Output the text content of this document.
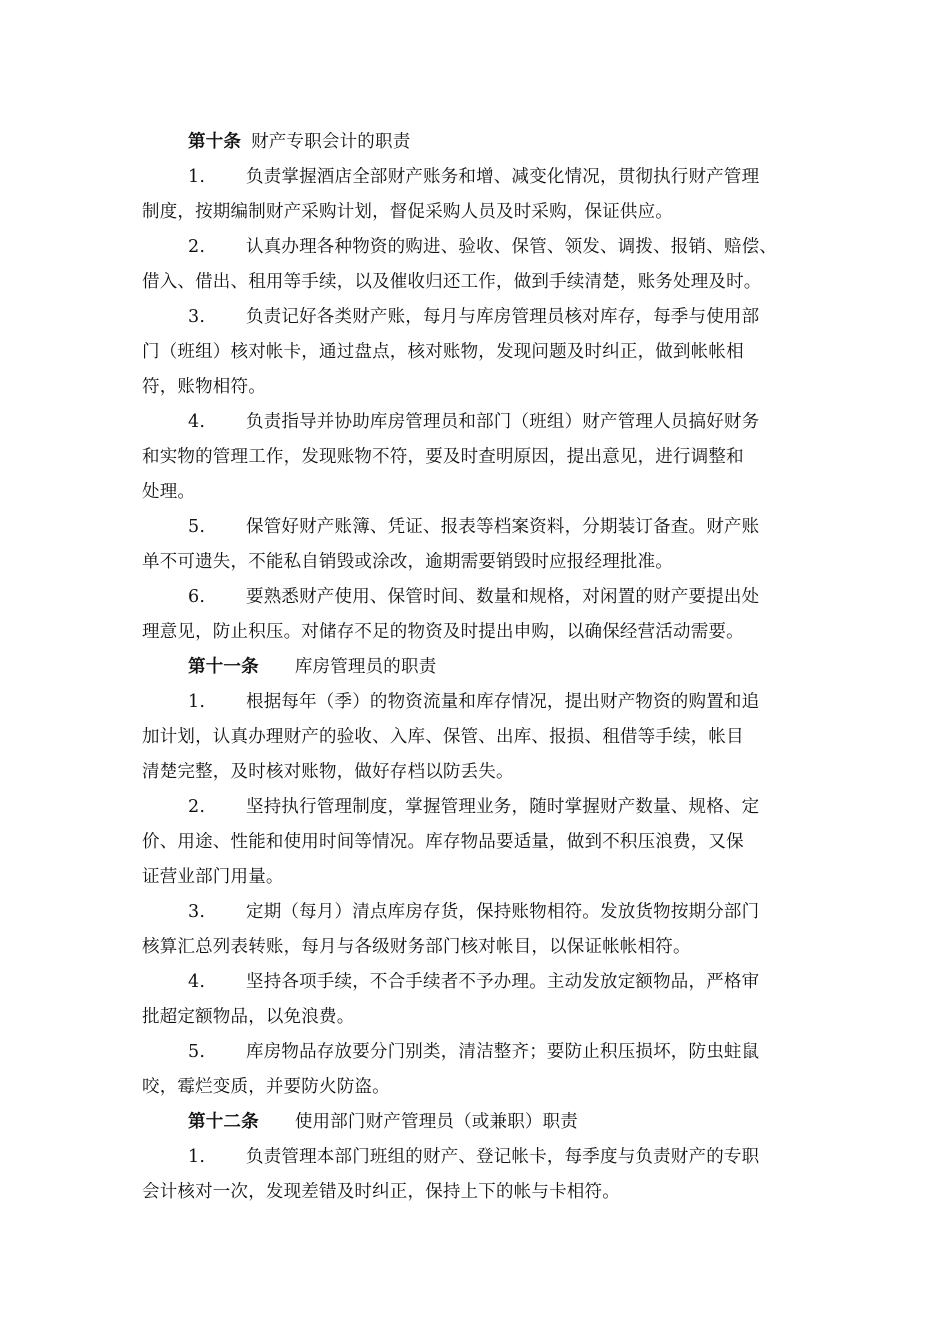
第十条 财产专职会计的职责
1. 负责掌握酒店全部财产账务和增、减变化情况，贯彻执行财产管理
制度，按期编制财产采购计划，督促采购人员及时采购，保证供应。
2. 认真办理各种物资的购进、验收、保管、领发、调拨、报销、赔偿、
借入、借出、租用等手续，以及催收归还工作，做到手续清楚，账务处理及时。
3. 负责记好各类财产账，每月与库房管理员核对库存，每季与使用部
门（班组）核对帐卡，通过盘点，核对账物，发现问题及时纠正，做到帐帐相
符，账物相符。
4. 负责指导并协助库房管理员和部门（班组）财产管理人员搞好财务
和实物的管理工作，发现账物不符，要及时查明原因，提出意见，进行调整和
处理。
5. 保管好财产账簿、凭证、报表等档案资料，分期装订备查。财产账
单不可遗失，不能私自销毁或涂改，逾期需要销毁时应报经理批准。
6. 要熟悉财产使用、保管时间、数量和规格，对闲置的财产要提出处
理意见，防止积压。对储存不足的物资及时提出申购，以确保经营活动需要。
第十一条 库房管理员的职责
1. 根据每年（季）的物资流量和库存情况，提出财产物资的购置和追
加计划，认真办理财产的验收、入库、保管、出库、报损、租借等手续，帐目
清楚完整，及时核对账物，做好存档以防丢失。
2. 坚持执行管理制度，掌握管理业务，随时掌握财产数量、规格、定
价、用途、性能和使用时间等情况。库存物品要适量，做到不积压浪费，又保
证营业部门用量。
3. 定期（每月）清点库房存货，保持账物相符。发放货物按期分部门
核算汇总列表转账，每月与各级财务部门核对帐目，以保证帐帐相符。
4. 坚持各项手续，不合手续者不予办理。主动发放定额物品，严格审
批超定额物品，以免浪费。
5. 库房物品存放要分门别类，清洁整齐；要防止积压损坏，防虫蛀鼠
咬，霉烂变质，并要防火防盗。
第十二条 使用部门财产管理员（或兼职）职责
1. 负责管理本部门班组的财产、登记帐卡，每季度与负责财产的专职
会计核对一次，发现差错及时纠正，保持上下的帐与卡相符。
